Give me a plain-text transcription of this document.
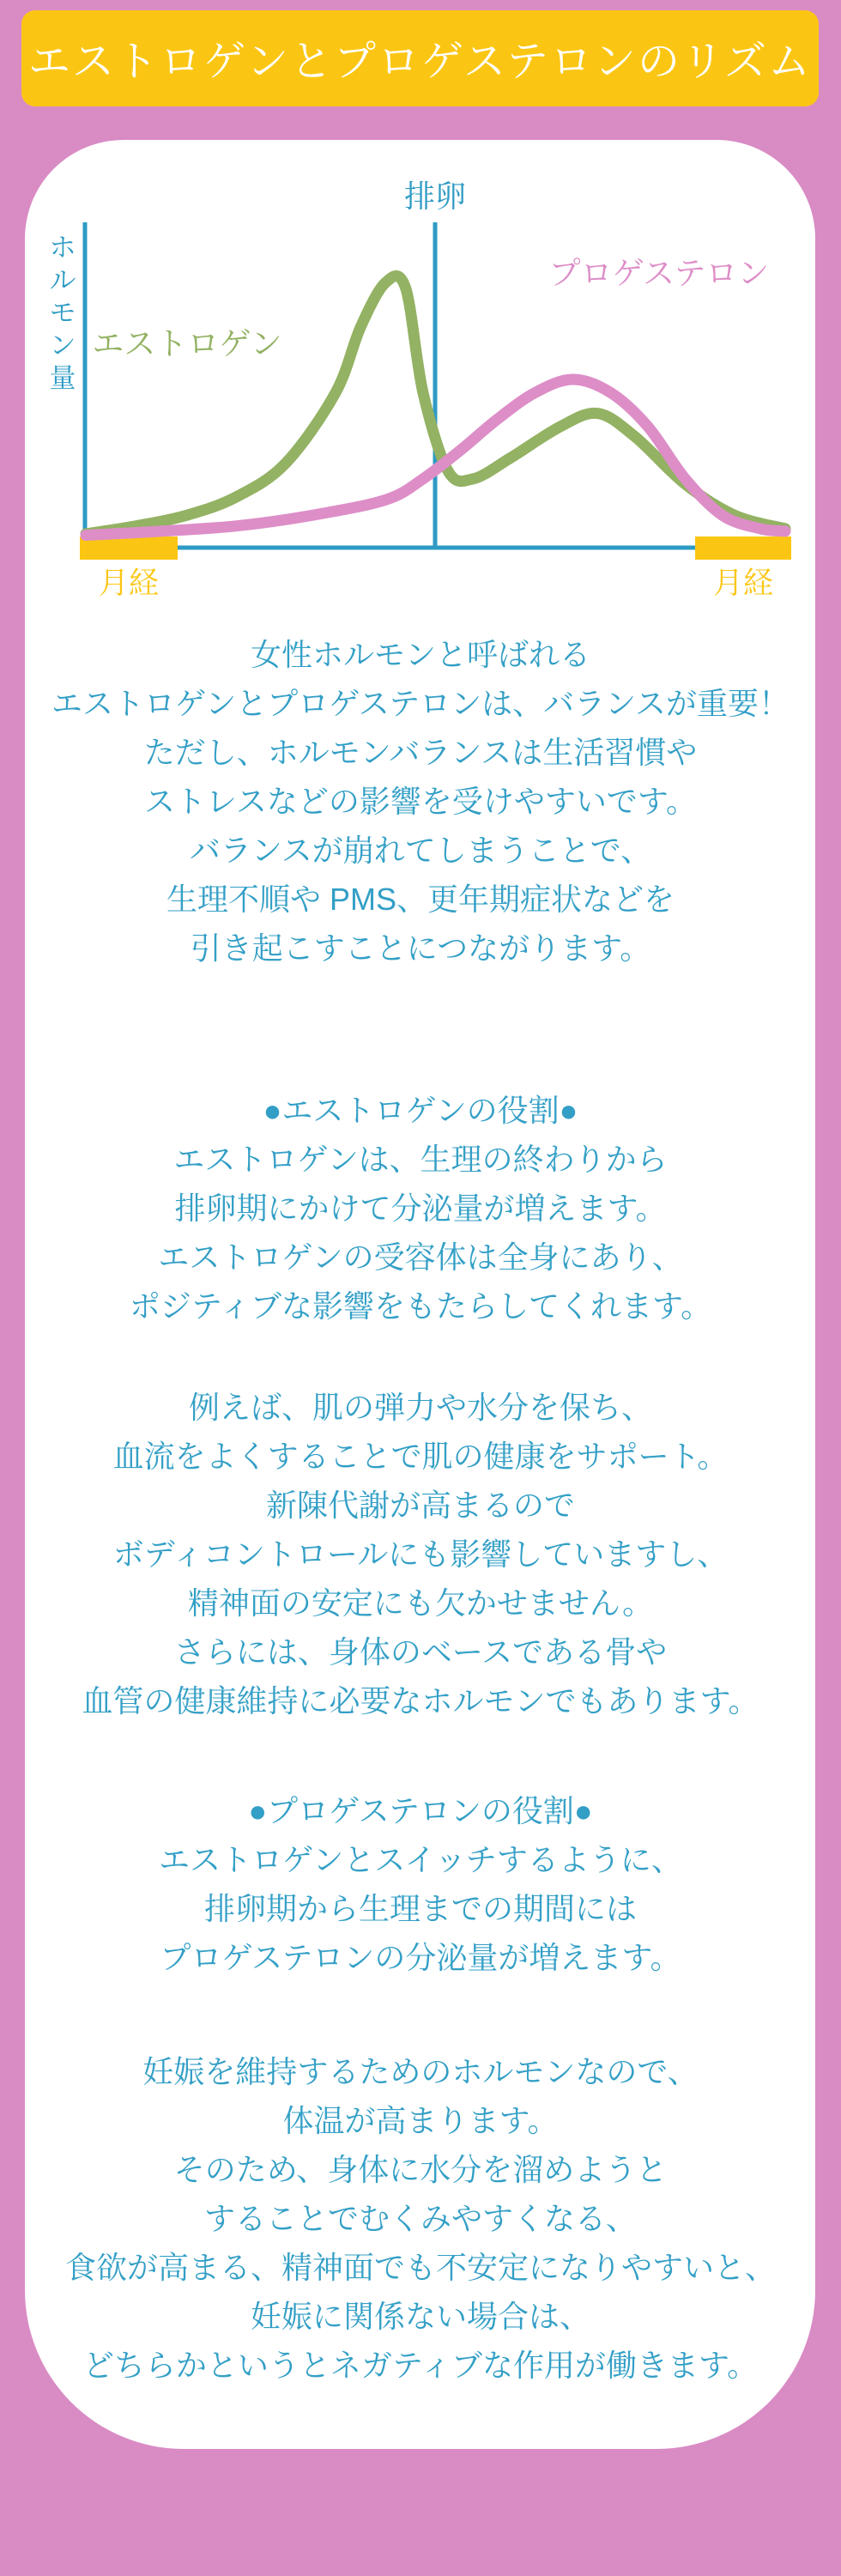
エストロゲンとプロゲステロンのリズム
排卵
ホ
ル
モ
ン
量
エストロゲン
プロゲステロン
月経	月経
女性ホルモンと呼ばれる
エストロゲンとプロゲステロンは、バランスが重要！
ただし、ホルモンバランスは生活習慣や
ストレスなどの影響を受けやすいです。
バランスが崩れてしまうことで、
生理不順や PMS、更年期症状などを
引き起こすことにつながります。
●エストロゲンの役割●
エストロゲンは、生理の終わりから
排卵期にかけて分泌量が増えます。
エストロゲンの受容体は全身にあり、
ポジティブな影響をもたらしてくれます。
例えば、肌の弾力や水分を保ち、
血流をよくすることで肌の健康をサポート。
新陳代謝が高まるので
ボディコントロールにも影響していますし、
精神面の安定にも欠かせません。
さらには、身体のベースである骨や
血管の健康維持に必要なホルモンでもあります。
●プロゲステロンの役割●
エストロゲンとスイッチするように、
排卵期から生理までの期間には
プロゲステロンの分泌量が増えます。
妊娠を維持するためのホルモンなので、
体温が高まります。
そのため、身体に水分を溜めようと
することでむくみやすくなる、
食欲が高まる、精神面でも不安定になりやすいと、
妊娠に関係ない場合は、
どちらかというとネガティブな作用が働きます。
